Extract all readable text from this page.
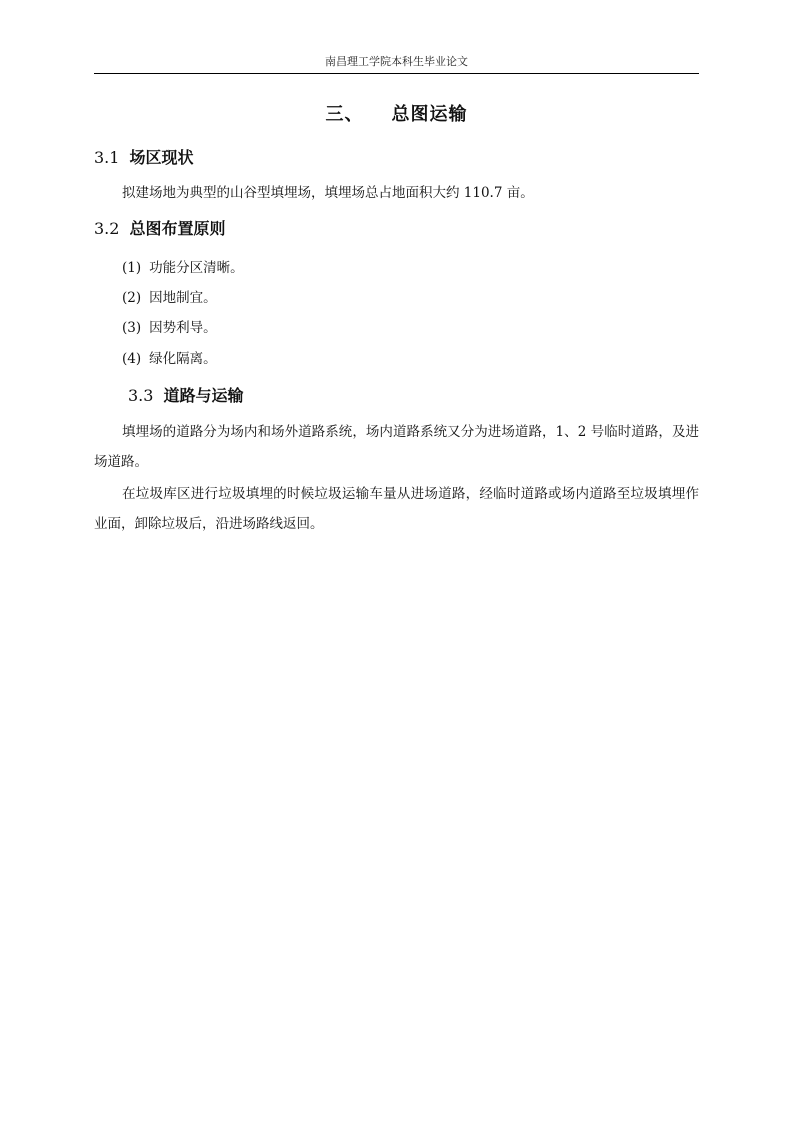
南昌理工学院本科生毕业论文
三、 总图运输
3.1 场区现状
拟建场地为典型的山谷型填埋场，填埋场总占地面积大约 110.7 亩。
3.2 总图布置原则
(1) 功能分区清晰。
(2) 因地制宜。
(3) 因势利导。
(4) 绿化隔离。
3.3 道路与运输
填埋场的道路分为场内和场外道路系统，场内道路系统又分为进场道路，1、2 号临时道路，及进场道路。
在垃圾库区进行垃圾填埋的时候垃圾运输车量从进场道路，经临时道路或场内道路至垃圾填埋作业面，卸除垃圾后，沿进场路线返回。
